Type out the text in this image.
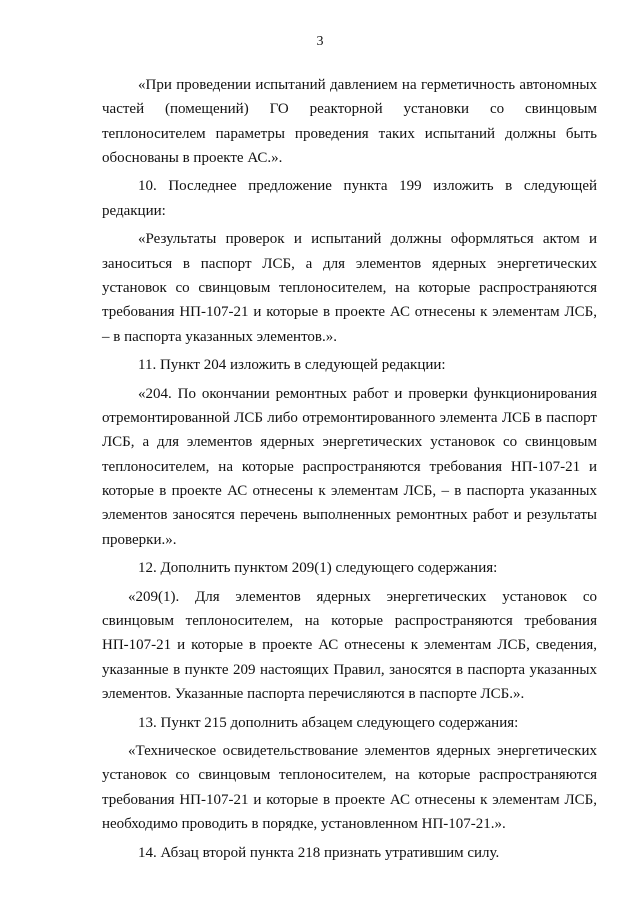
3

«При проведении испытаний давлением на герметичность автономных частей (помещений) ГО реакторной установки со свинцовым теплоносителем параметры проведения таких испытаний должны быть обоснованы в проекте АС.».

10. Последнее предложение пункта 199 изложить в следующей редакции:

«Результаты проверок и испытаний должны оформляться актом и заноситься в паспорт ЛСБ, а для элементов ядерных энергетических установок со свинцовым теплоносителем, на которые распространяются требования НП-107-21 и которые в проекте АС отнесены к элементам ЛСБ, – в паспорта указанных элементов.».

11. Пункт 204 изложить в следующей редакции:

«204. По окончании ремонтных работ и проверки функционирования отремонтированной ЛСБ либо отремонтированного элемента ЛСБ в паспорт ЛСБ, а для элементов ядерных энергетических установок со свинцовым теплоносителем, на которые распространяются требования НП-107-21 и которые в проекте АС отнесены к элементам ЛСБ, – в паспорта указанных элементов заносятся перечень выполненных ремонтных работ и результаты проверки.».

12. Дополнить пунктом 209(1) следующего содержания:

«209(1). Для элементов ядерных энергетических установок со свинцовым теплоносителем, на которые распространяются требования НП-107-21 и которые в проекте АС отнесены к элементам ЛСБ, сведения, указанные в пункте 209 настоящих Правил, заносятся в паспорта указанных элементов. Указанные паспорта перечисляются в паспорте ЛСБ.».

13. Пункт 215 дополнить абзацем следующего содержания:

«Техническое освидетельствование элементов ядерных энергетических установок со свинцовым теплоносителем, на которые распространяются требования НП-107-21 и которые в проекте АС отнесены к элементам ЛСБ, необходимо проводить в порядке, установленном НП-107-21.».

14. Абзац второй пункта 218 признать утратившим силу.
